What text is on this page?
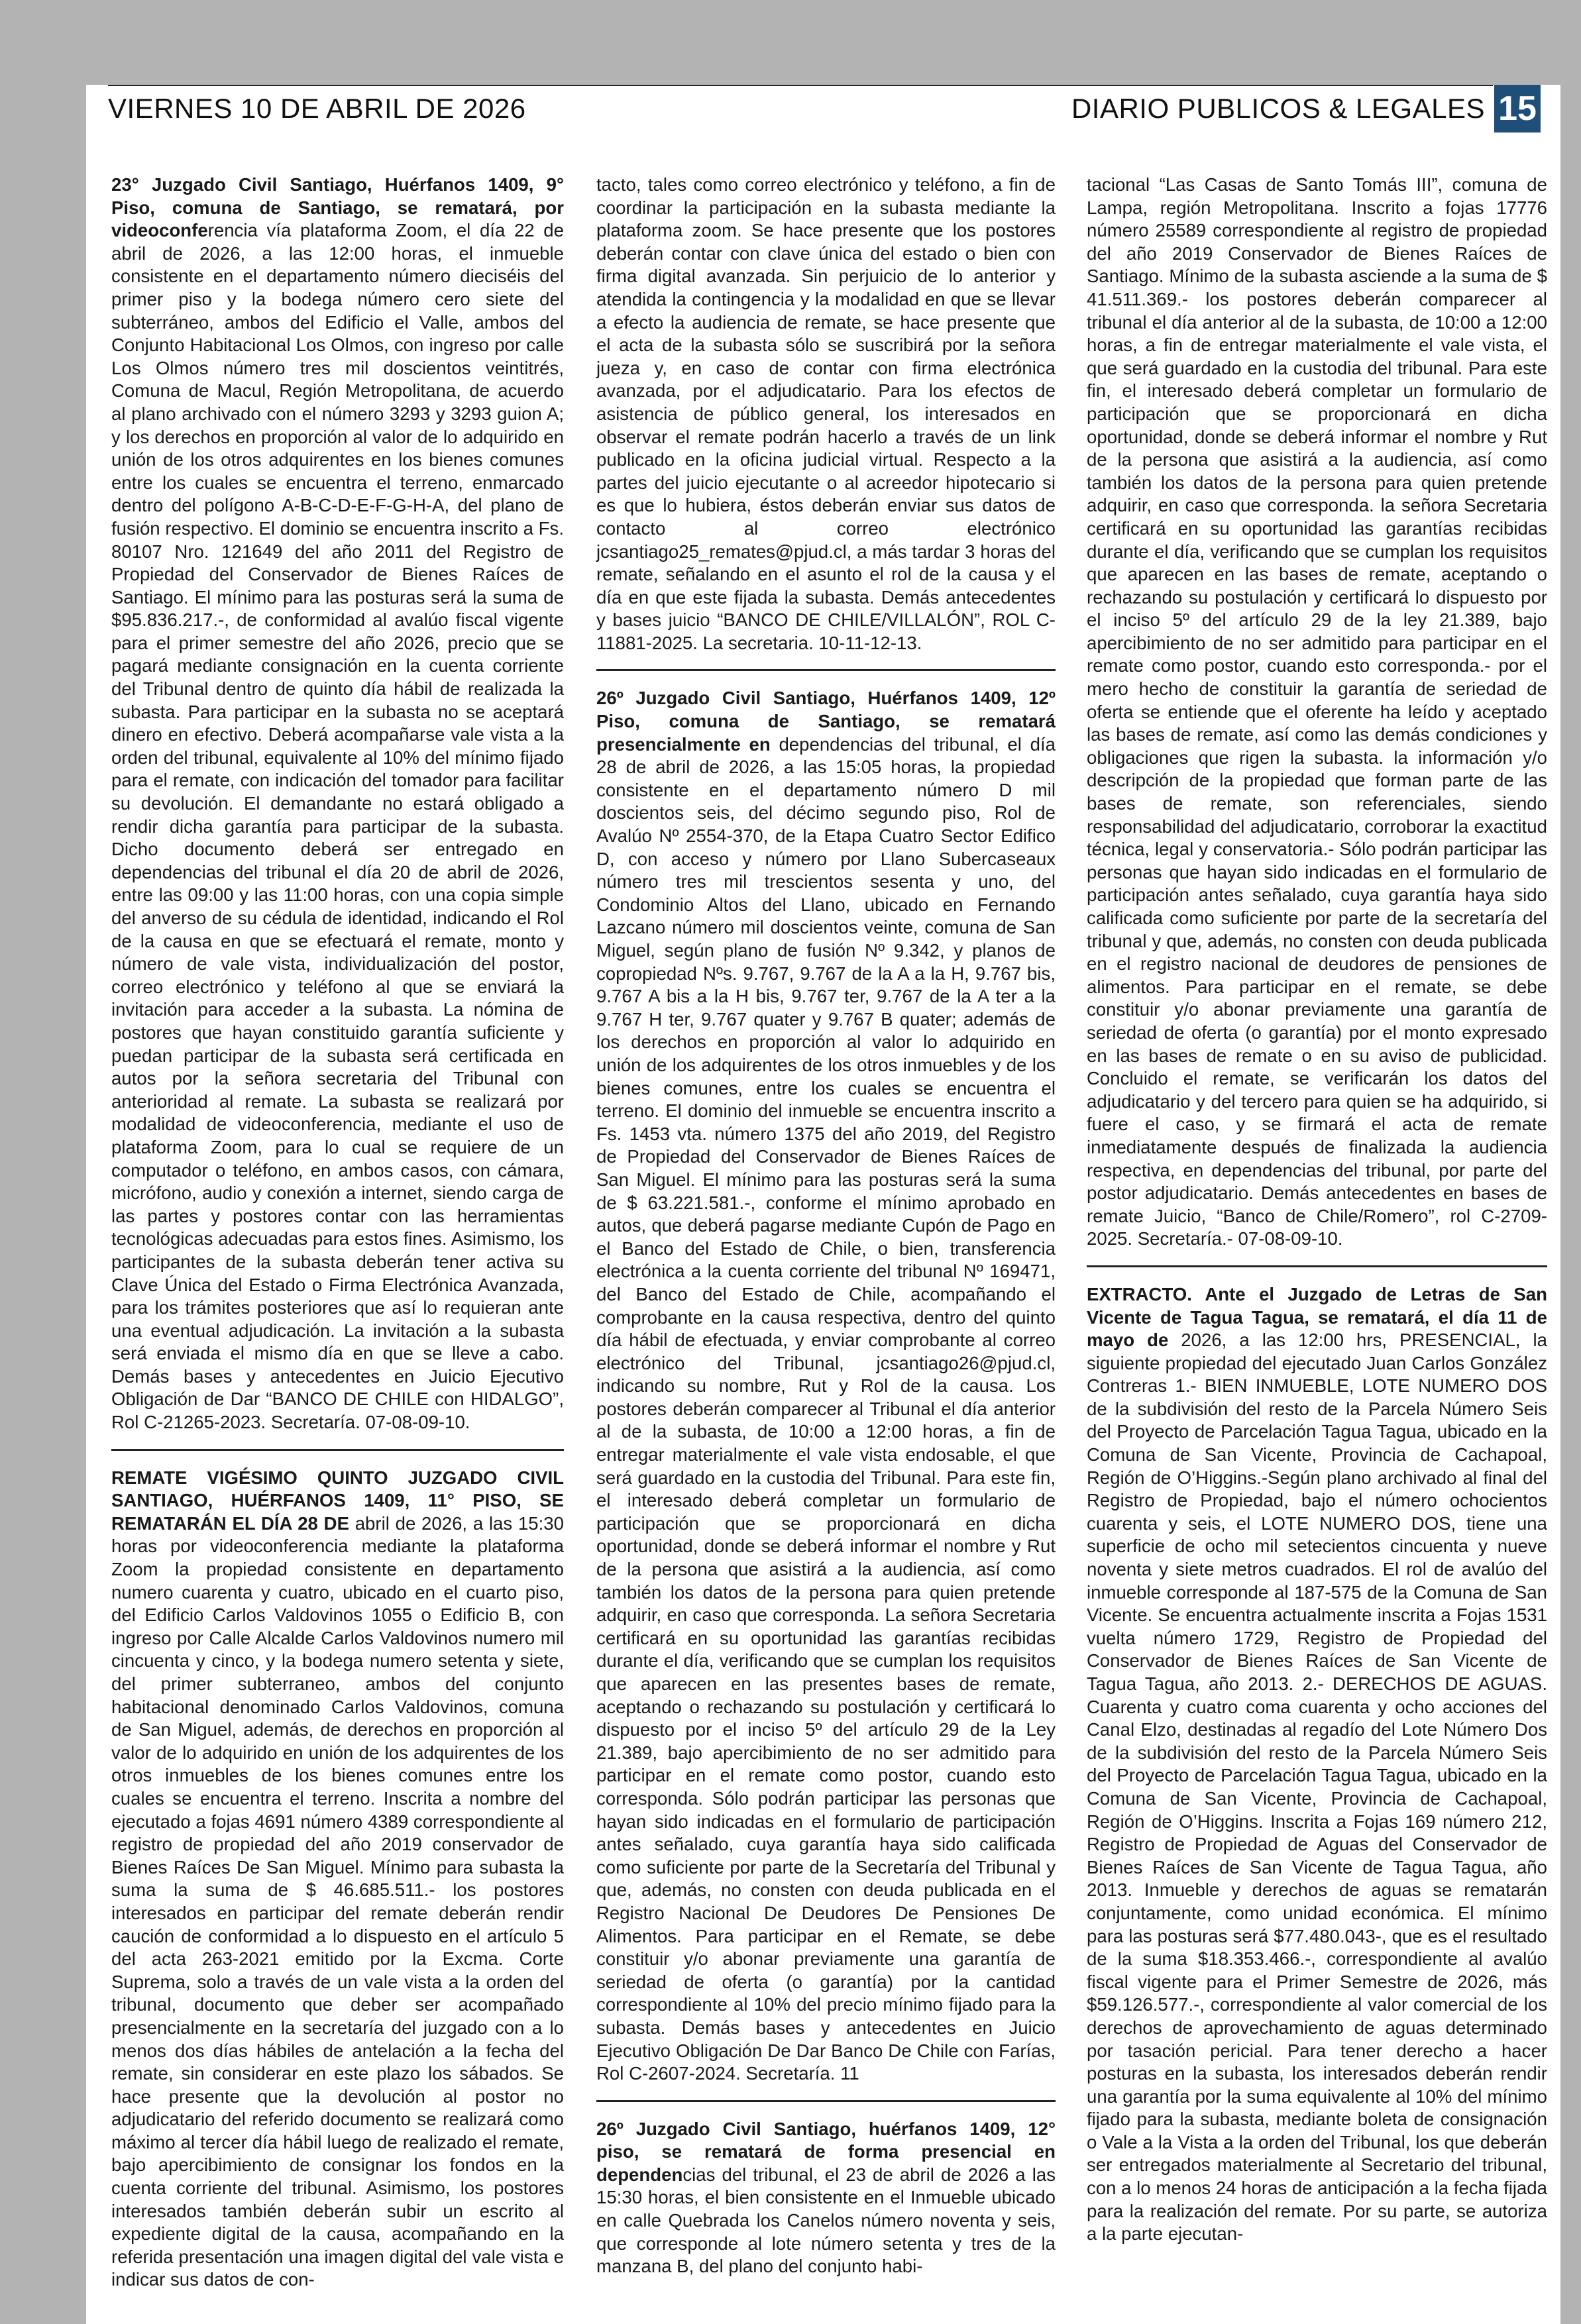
VIERNES 10 DE ABRIL DE 2026	DIARIO PUBLICOS & LEGALES 15

23° Juzgado Civil Santiago, Huérfanos 1409, 9° Piso, comuna de Santiago, se rematará, por videoconferencia vía plataforma Zoom, el día 22 de abril de 2026, a las 12:00 horas, el inmueble consistente en el departamento número dieciséis del primer piso y la bodega número cero siete del subterráneo, ambos del Edificio el Valle, ambos del Conjunto Habitacional Los Olmos, con ingreso por calle Los Olmos número tres mil doscientos veintitrés, Comuna de Macul, Región Metropolitana, de acuerdo al plano archivado con el número 3293 y 3293 guion A; y los derechos en proporción al valor de lo adquirido en unión de los otros adquirentes en los bienes comunes entre los cuales se encuentra el terreno, enmarcado dentro del polígono A-B-C-D-E-F-G-H-A, del plano de fusión respectivo. El dominio se encuentra inscrito a Fs. 80107 Nro. 121649 del año 2011 del Registro de Propiedad del Conservador de Bienes Raíces de Santiago. El mínimo para las posturas será la suma de $95.836.217.-, de conformidad al avalúo fiscal vigente para el primer semestre del año 2026, precio que se pagará mediante consignación en la cuenta corriente del Tribunal dentro de quinto día hábil de realizada la subasta. Para participar en la subasta no se aceptará dinero en efectivo. Deberá acompañarse vale vista a la orden del tribunal, equivalente al 10% del mínimo fijado para el remate, con indicación del tomador para facilitar su devolución. El demandante no estará obligado a rendir dicha garantía para participar de la subasta. Dicho documento deberá ser entregado en dependencias del tribunal el día 20 de abril de 2026, entre las 09:00 y las 11:00 horas, con una copia simple del anverso de su cédula de identidad, indicando el Rol de la causa en que se efectuará el remate, monto y número de vale vista, individualización del postor, correo electrónico y teléfono al que se enviará la invitación para acceder a la subasta. La nómina de postores que hayan constituido garantía suficiente y puedan participar de la subasta será certificada en autos por la señora secretaria del Tribunal con anterioridad al remate. La subasta se realizará por modalidad de videoconferencia, mediante el uso de plataforma Zoom, para lo cual se requiere de un computador o teléfono, en ambos casos, con cámara, micrófono, audio y conexión a internet, siendo carga de las partes y postores contar con las herramientas tecnológicas adecuadas para estos fines. Asimismo, los participantes de la subasta deberán tener activa su Clave Única del Estado o Firma Electrónica Avanzada, para los trámites posteriores que así lo requieran ante una eventual adjudicación. La invitación a la subasta será enviada el mismo día en que se lleve a cabo. Demás bases y antecedentes en Juicio Ejecutivo Obligación de Dar “BANCO DE CHILE con HIDALGO”, Rol C-21265-2023. Secretaría. 07-08-09-10.

REMATE VIGÉSIMO QUINTO JUZGADO CIVIL SANTIAGO, HUÉRFANOS 1409, 11° PISO, SE REMATARÁN EL DÍA 28 DE abril de 2026, a las 15:30 horas por videoconferencia mediante la plataforma Zoom la propiedad consistente en departamento numero cuarenta y cuatro, ubicado en el cuarto piso, del Edificio Carlos Valdovinos 1055 o Edificio B, con ingreso por Calle Alcalde Carlos Valdovinos numero mil cincuenta y cinco, y la bodega numero setenta y siete, del primer subterraneo, ambos del conjunto habitacional denominado Carlos Valdovinos, comuna de San Miguel, además, de derechos en proporción al valor de lo adquirido en unión de los adquirentes de los otros inmuebles de los bienes comunes entre los cuales se encuentra el terreno. Inscrita a nombre del ejecutado a fojas 4691 número 4389 correspondiente al registro de propiedad del año 2019 conservador de Bienes Raíces De San Miguel. Mínimo para subasta la suma la suma de $ 46.685.511.- los postores interesados en participar del remate deberán rendir caución de conformidad a lo dispuesto en el artículo 5 del acta 263-2021 emitido por la Excma. Corte Suprema, solo a través de un vale vista a la orden del tribunal, documento que deber ser acompañado presencialmente en la secretaría del juzgado con a lo menos dos días hábiles de antelación a la fecha del remate, sin considerar en este plazo los sábados. Se hace presente que la devolución al postor no adjudicatario del referido documento se realizará como máximo al tercer día hábil luego de realizado el remate, bajo apercibimiento de consignar los fondos en la cuenta corriente del tribunal. Asimismo, los postores interesados también deberán subir un escrito al expediente digital de la causa, acompañando en la referida presentación una imagen digital del vale vista e indicar sus datos de con-

tacto, tales como correo electrónico y teléfono, a fin de coordinar la participación en la subasta mediante la plataforma zoom. Se hace presente que los postores deberán contar con clave única del estado o bien con firma digital avanzada. Sin perjuicio de lo anterior y atendida la contingencia y la modalidad en que se llevar a efecto la audiencia de remate, se hace presente que el acta de la subasta sólo se suscribirá por la señora jueza y, en caso de contar con firma electrónica avanzada, por el adjudicatario. Para los efectos de asistencia de público general, los interesados en observar el remate podrán hacerlo a través de un link publicado en la oficina judicial virtual. Respecto a la partes del juicio ejecutante o al acreedor hipotecario si es que lo hubiera, éstos deberán enviar sus datos de contacto al correo electrónico jcsantiago25_remates@pjud.cl, a más tardar 3 horas del remate, señalando en el asunto el rol de la causa y el día en que este fijada la subasta. Demás antecedentes y bases juicio “BANCO DE CHILE/VILLALÓN”, ROL C-11881-2025. La secretaria. 10-11-12-13.

26º Juzgado Civil Santiago, Huérfanos 1409, 12º Piso, comuna de Santiago, se rematará presencialmente en dependencias del tribunal, el día 28 de abril de 2026, a las 15:05 horas, la propiedad consistente en el departamento número D mil doscientos seis, del décimo segundo piso, Rol de Avalúo Nº 2554-370, de la Etapa Cuatro Sector Edifico D, con acceso y número por Llano Subercaseaux número tres mil trescientos sesenta y uno, del Condominio Altos del Llano, ubicado en Fernando Lazcano número mil doscientos veinte, comuna de San Miguel, según plano de fusión Nº 9.342, y planos de copropiedad Nºs. 9.767, 9.767 de la A a la H, 9.767 bis, 9.767 A bis a la H bis, 9.767 ter, 9.767 de la A ter a la 9.767 H ter, 9.767 quater y 9.767 B quater; además de los derechos en proporción al valor lo adquirido en unión de los adquirentes de los otros inmuebles y de los bienes comunes, entre los cuales se encuentra el terreno. El dominio del inmueble se encuentra inscrito a Fs. 1453 vta. número 1375 del año 2019, del Registro de Propiedad del Conservador de Bienes Raíces de San Miguel. El mínimo para las posturas será la suma de $ 63.221.581.-, conforme el mínimo aprobado en autos, que deberá pagarse mediante Cupón de Pago en el Banco del Estado de Chile, o bien, transferencia electrónica a la cuenta corriente del tribunal Nº 169471, del Banco del Estado de Chile, acompañando el comprobante en la causa respectiva, dentro del quinto día hábil de efectuada, y enviar comprobante al correo electrónico del Tribunal, jcsantiago26@pjud.cl, indicando su nombre, Rut y Rol de la causa. Los postores deberán comparecer al Tribunal el día anterior al de la subasta, de 10:00 a 12:00 horas, a fin de entregar materialmente el vale vista endosable, el que será guardado en la custodia del Tribunal. Para este fin, el interesado deberá completar un formulario de participación que se proporcionará en dicha oportunidad, donde se deberá informar el nombre y Rut de la persona que asistirá a la audiencia, así como también los datos de la persona para quien pretende adquirir, en caso que corresponda. La señora Secretaria certificará en su oportunidad las garantías recibidas durante el día, verificando que se cumplan los requisitos que aparecen en las presentes bases de remate, aceptando o rechazando su postulación y certificará lo dispuesto por el inciso 5º del artículo 29 de la Ley 21.389, bajo apercibimiento de no ser admitido para participar en el remate como postor, cuando esto corresponda. Sólo podrán participar las personas que hayan sido indicadas en el formulario de participación antes señalado, cuya garantía haya sido calificada como suficiente por parte de la Secretaría del Tribunal y que, además, no consten con deuda publicada en el Registro Nacional De Deudores De Pensiones De Alimentos. Para participar en el Remate, se debe constituir y/o abonar previamente una garantía de seriedad de oferta (o garantía) por la cantidad correspondiente al 10% del precio mínimo fijado para la subasta. Demás bases y antecedentes en Juicio Ejecutivo Obligación De Dar Banco De Chile con Farías, Rol C-2607-2024. Secretaría. 11

26º Juzgado Civil Santiago, huérfanos 1409, 12° piso, se rematará de forma presencial en dependencias del tribunal, el 23 de abril de 2026 a las 15:30 horas, el bien consistente en el Inmueble ubicado en calle Quebrada los Canelos número noventa y seis, que corresponde al lote número setenta y tres de la manzana B, del plano del conjunto habi-

tacional “Las Casas de Santo Tomás III”, comuna de Lampa, región Metropolitana. Inscrito a fojas 17776 número 25589 correspondiente al registro de propiedad del año 2019 Conservador de Bienes Raíces de Santiago. Mínimo de la subasta asciende a la suma de $ 41.511.369.- los postores deberán comparecer al tribunal el día anterior al de la subasta, de 10:00 a 12:00 horas, a fin de entregar materialmente el vale vista, el que será guardado en la custodia del tribunal. Para este fin, el interesado deberá completar un formulario de participación que se proporcionará en dicha oportunidad, donde se deberá informar el nombre y Rut de la persona que asistirá a la audiencia, así como también los datos de la persona para quien pretende adquirir, en caso que corresponda. la señora Secretaria certificará en su oportunidad las garantías recibidas durante el día, verificando que se cumplan los requisitos que aparecen en las bases de remate, aceptando o rechazando su postulación y certificará lo dispuesto por el inciso 5º del artículo 29 de la ley 21.389, bajo apercibimiento de no ser admitido para participar en el remate como postor, cuando esto corresponda.- por el mero hecho de constituir la garantía de seriedad de oferta se entiende que el oferente ha leído y aceptado las bases de remate, así como las demás condiciones y obligaciones que rigen la subasta. la información y/o descripción de la propiedad que forman parte de las bases de remate, son referenciales, siendo responsabilidad del adjudicatario, corroborar la exactitud técnica, legal y conservatoria.- Sólo podrán participar las personas que hayan sido indicadas en el formulario de participación antes señalado, cuya garantía haya sido calificada como suficiente por parte de la secretaría del tribunal y que, además, no consten con deuda publicada en el registro nacional de deudores de pensiones de alimentos. Para participar en el remate, se debe constituir y/o abonar previamente una garantía de seriedad de oferta (o garantía) por el monto expresado en las bases de remate o en su aviso de publicidad. Concluido el remate, se verificarán los datos del adjudicatario y del tercero para quien se ha adquirido, si fuere el caso, y se firmará el acta de remate inmediatamente después de finalizada la audiencia respectiva, en dependencias del tribunal, por parte del postor adjudicatario. Demás antecedentes en bases de remate Juicio, “Banco de Chile/Romero”, rol C-2709- 2025. Secretaría.- 07-08-09-10.

EXTRACTO. Ante el Juzgado de Letras de San Vicente de Tagua Tagua, se rematará, el día 11 de mayo de 2026, a las 12:00 hrs, PRESENCIAL, la siguiente propiedad del ejecutado Juan Carlos González Contreras 1.- BIEN INMUEBLE, LOTE NUMERO DOS de la subdivisión del resto de la Parcela Número Seis del Proyecto de Parcelación Tagua Tagua, ubicado en la Comuna de San Vicente, Provincia de Cachapoal, Región de O’Higgins.-Según plano archivado al final del Registro de Propiedad, bajo el número ochocientos cuarenta y seis, el LOTE NUMERO DOS, tiene una superficie de ocho mil setecientos cincuenta y nueve noventa y siete metros cuadrados. El rol de avalúo del inmueble corresponde al 187-575 de la Comuna de San Vicente. Se encuentra actualmente inscrita a Fojas 1531 vuelta número 1729, Registro de Propiedad del Conservador de Bienes Raíces de San Vicente de Tagua Tagua, año 2013. 2.- DERECHOS DE AGUAS. Cuarenta y cuatro coma cuarenta y ocho acciones del Canal Elzo, destinadas al regadío del Lote Número Dos de la subdivisión del resto de la Parcela Número Seis del Proyecto de Parcelación Tagua Tagua, ubicado en la Comuna de San Vicente, Provincia de Cachapoal, Región de O’Higgins. Inscrita a Fojas 169 número 212, Registro de Propiedad de Aguas del Conservador de Bienes Raíces de San Vicente de Tagua Tagua, año 2013. Inmueble y derechos de aguas se rematarán conjuntamente, como unidad económica. El mínimo para las posturas será $77.480.043-, que es el resultado de la suma $18.353.466.-, correspondiente al avalúo fiscal vigente para el Primer Semestre de 2026, más $59.126.577.-, correspondiente al valor comercial de los derechos de aprovechamiento de aguas determinado por tasación pericial. Para tener derecho a hacer posturas en la subasta, los interesados deberán rendir una garantía por la suma equivalente al 10% del mínimo fijado para la subasta, mediante boleta de consignación o Vale a la Vista a la orden del Tribunal, los que deberán ser entregados materialmente al Secretario del tribunal, con a lo menos 24 horas de anticipación a la fecha fijada para la realización del remate. Por su parte, se autoriza a la parte ejecutan-
